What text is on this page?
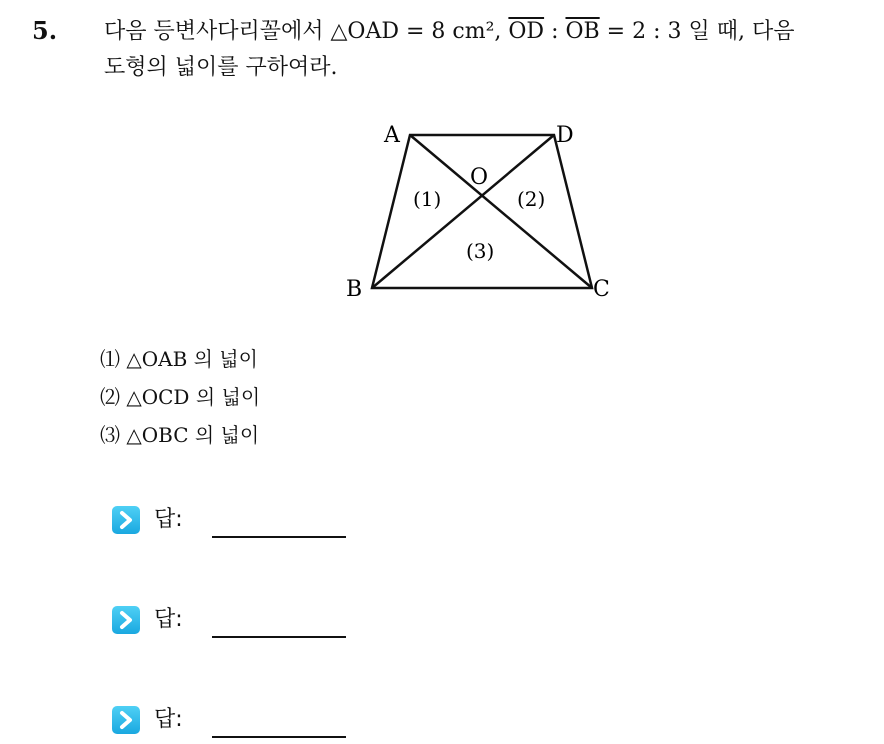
5. 다음 등변사다리꼴에서 △OAD = 8 cm², $\overline{OD}$ : $\overline{OB} = 2$ : 3 일 때, 다음
도형의 넓이를 구하여라.
A	D
B	C
O
(1)	(2)
(3)
⑴ △OAB 의 넓이
⑵ △OCD 의 넓이
⑶ △OBC 의 넓이
답:
답:
답:
